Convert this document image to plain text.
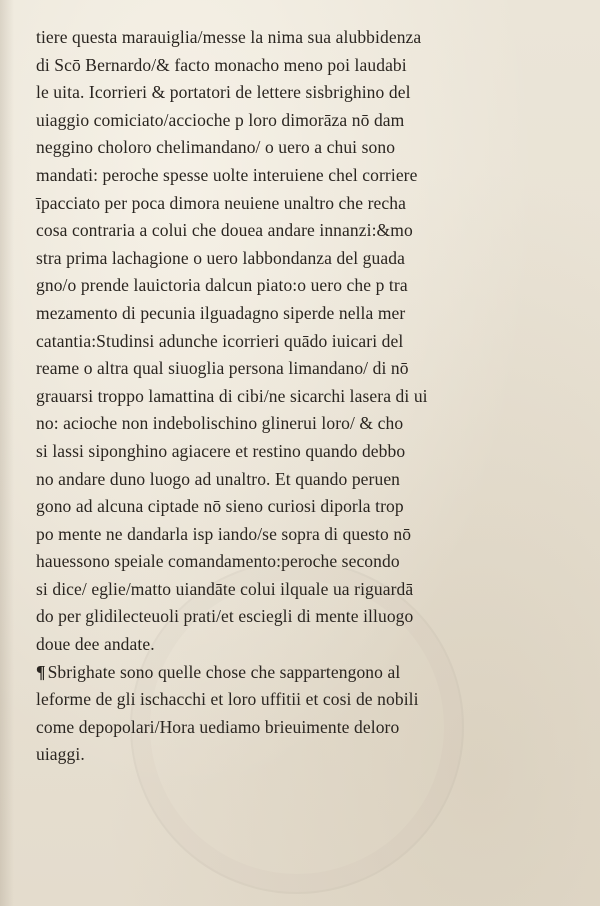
tiere questa marauiglia/messe la nima sua alubbidenza
di Scō Bernardo/& facto monacho meno poi laudabi
le uita. Icorrieri & portatori de lettere sisbrighino del
uiaggio comiciato/accioche p loro dimorāza nō dam
neggino choloro chelimandano/ o uero a chui sono
mandati: peroche spesse uolte interuiene chel corriere
īpacciato per poca dimora neuiene unaltro che recha
cosa contraria a colui che douea andare innanzi:&mo
stra prima lachagione o uero labbondanza del guada
gno/o prende lauictoria dalcun piato:o uero che p tra
mezamento di pecunia ilguadagno siperde nella mer
catantia:Studinsi adunche icorrieri quādo iuicari del
reame o altra qual siuoglia persona limandano/ di nō
grauarsi troppo lamattina di cibi/ne sicarchi lasera di ui
no: acioche non indebolischino glinerui loro/ & cho
si lassi siponghino agiacere et restino quando debbo
no andare duno luogo ad unaltro. Et quando peruen
gono ad alcuna ciptade nō sieno curiosi diporla trop
po mente ne dandarla isp iando/se sopra di questo nō
hauessono speiale comandamento:peroche secondo
si dice/ eglie/matto uiandāte colui ilquale ua riguardā
do per glidilecteuoli prati/et esciegli di mente illuogo
doue dee andate.
¶ Sbrighate sono quelle chose che sappartengono al
leforme de gli ischacchi et loro uffitii et cosi de nobili
come depopolari/Hora uediamo brieuimente deloro
uiaggi.
